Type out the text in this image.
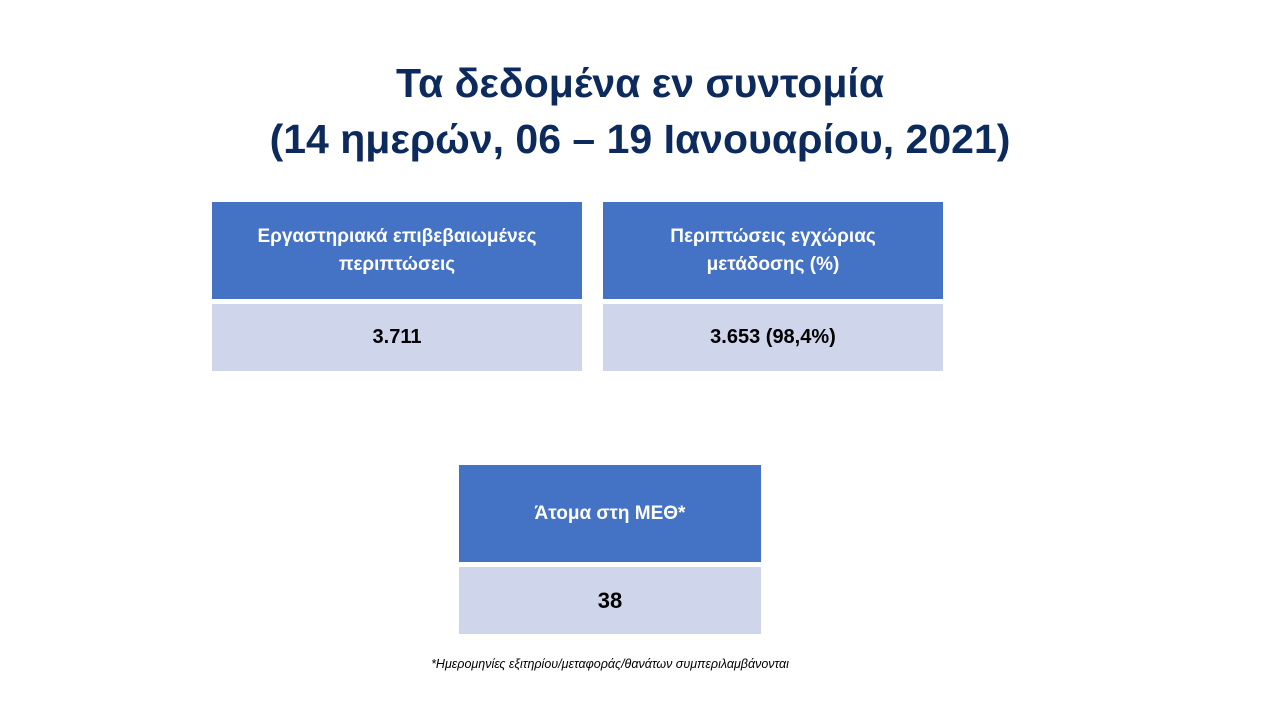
Τα δεδομένα εν συντομία
(14 ημερών, 06 – 19 Ιανουαρίου, 2021)
Εργαστηριακά επιβεβαιωμένες περιπτώσεις
3.711
Περιπτώσεις εγχώριας μετάδοσης (%)
3.653 (98,4%)
Άτομα στη ΜΕΘ*
38
*Ημερομηνίες εξιτηρίου/μεταφοράς/θανάτων συμπεριλαμβάνονται
